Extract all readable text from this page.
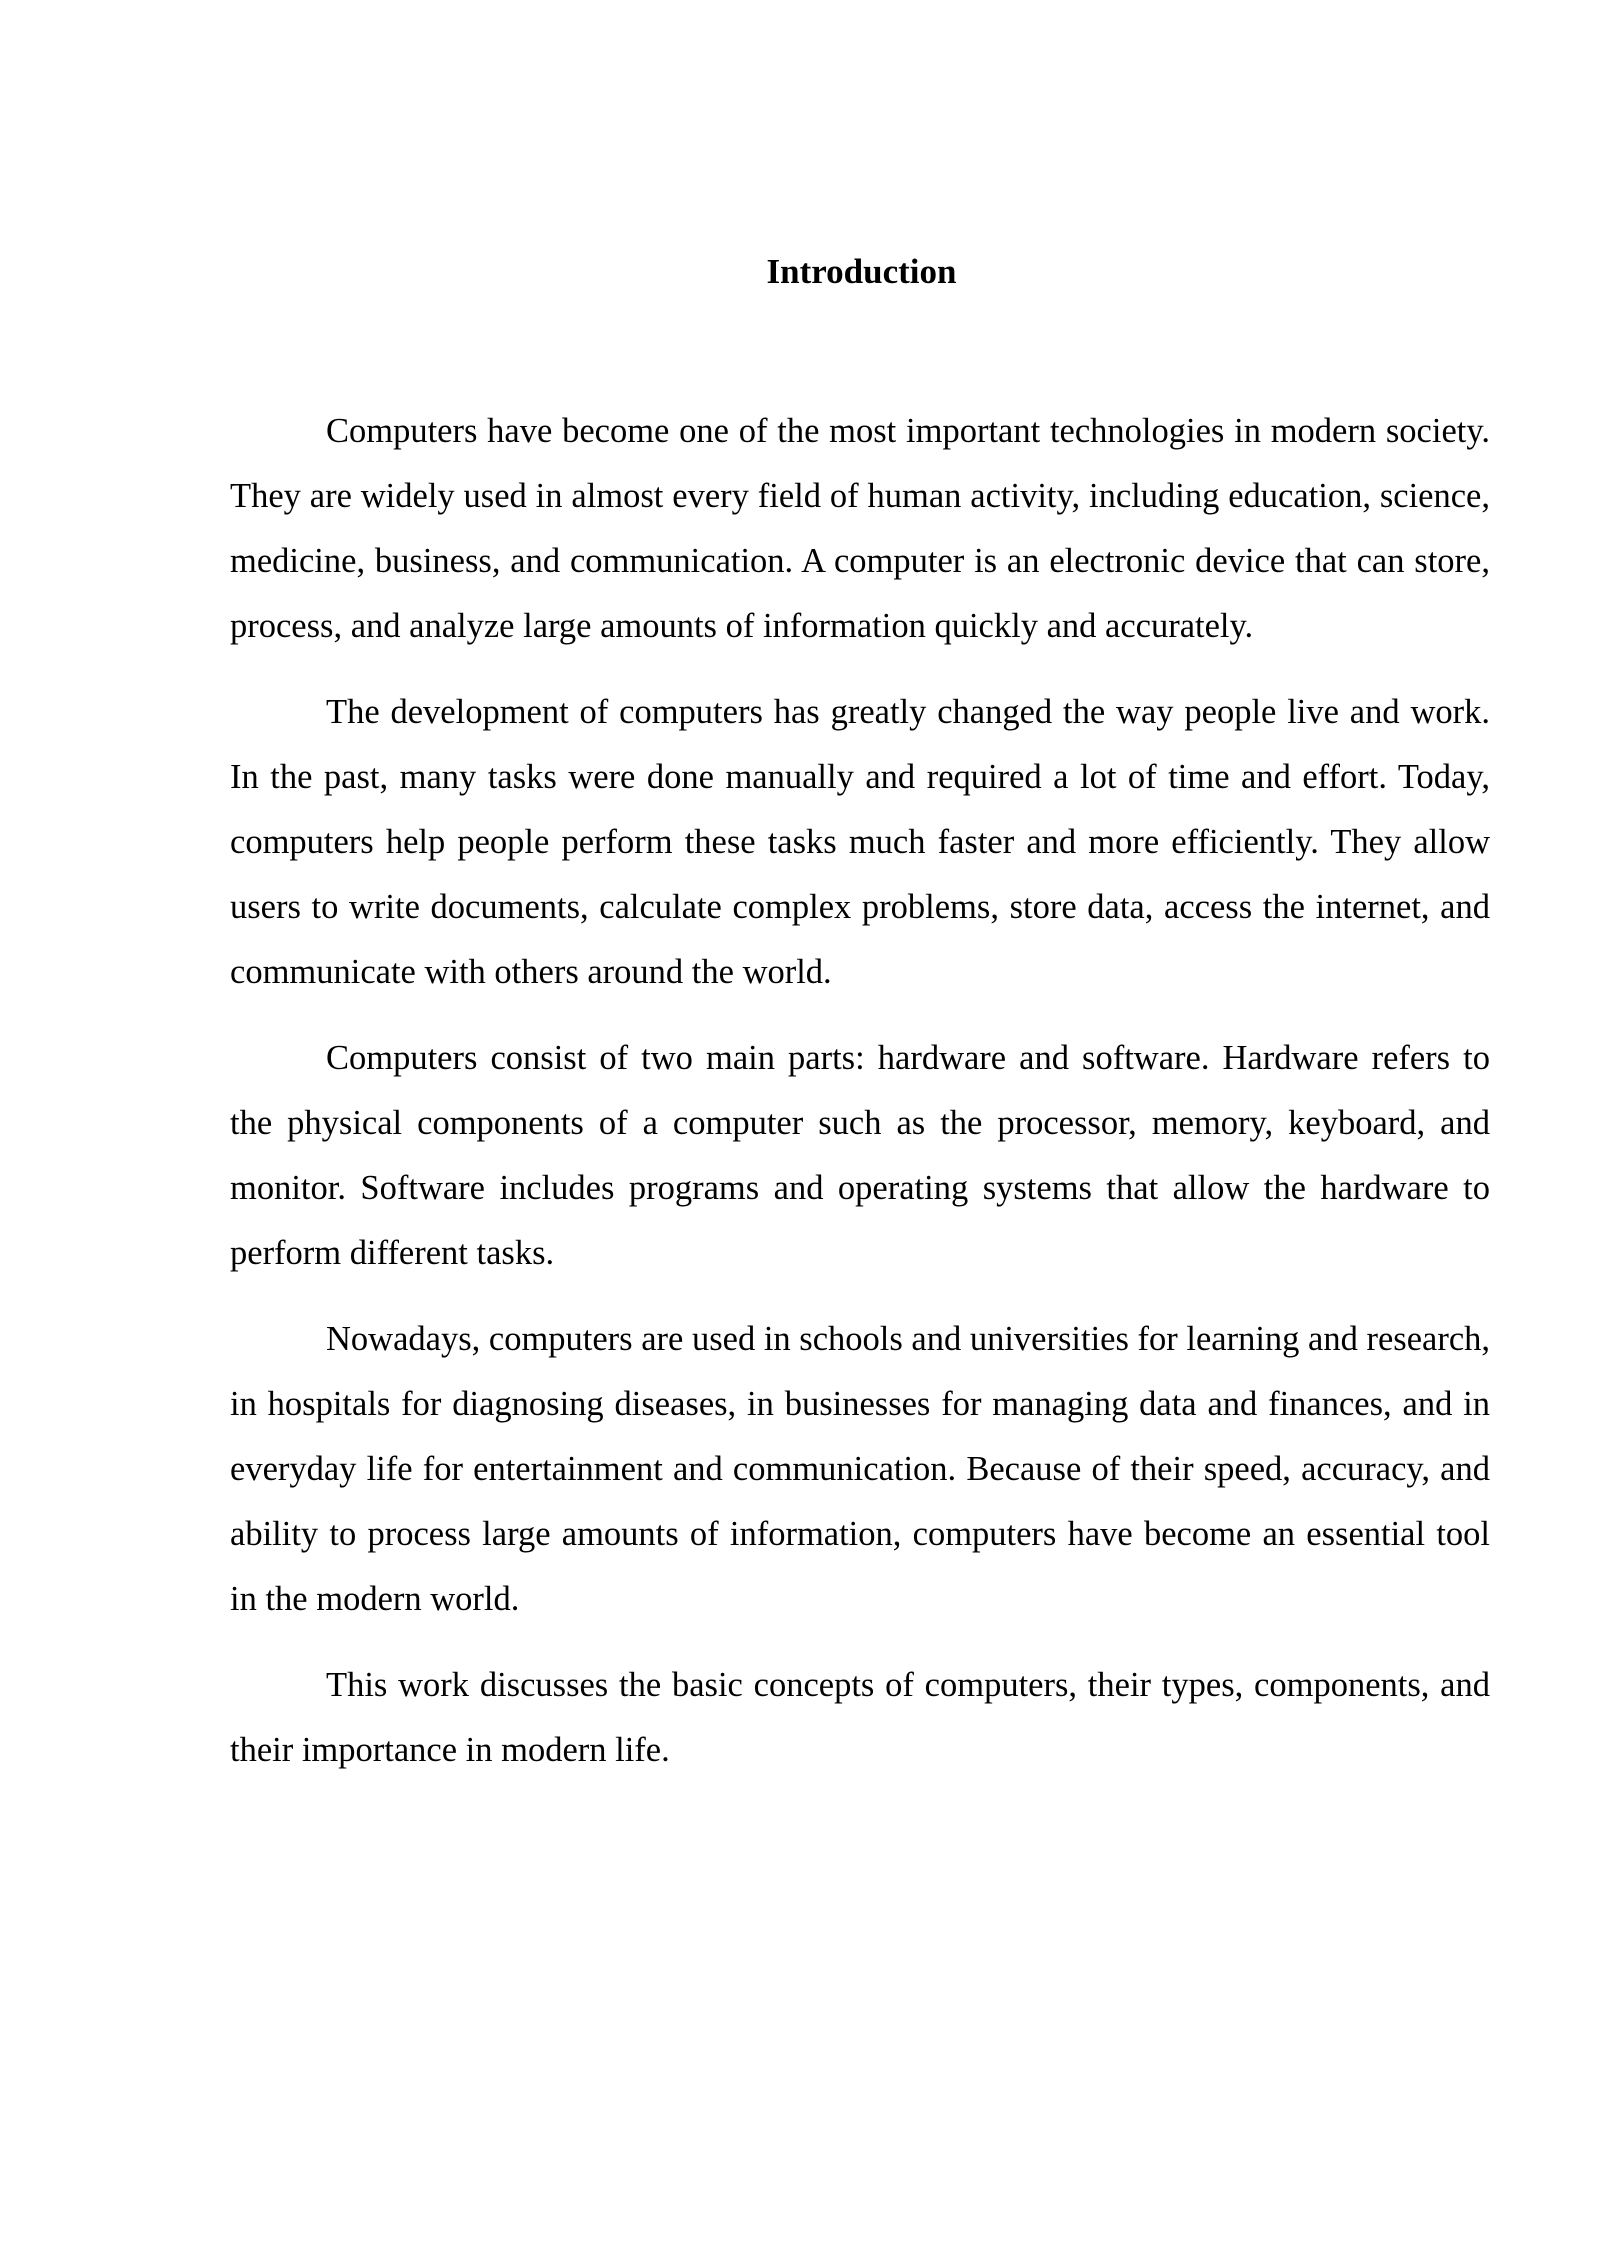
Introduction

Computers have become one of the most important technologies in modern society. They are widely used in almost every field of human activity, including education, science, medicine, business, and communication. A computer is an electronic device that can store, process, and analyze large amounts of information quickly and accurately.

The development of computers has greatly changed the way people live and work. In the past, many tasks were done manually and required a lot of time and effort. Today, computers help people perform these tasks much faster and more efficiently. They allow users to write documents, calculate complex problems, store data, access the internet, and communicate with others around the world.

Computers consist of two main parts: hardware and software. Hardware refers to the physical components of a computer such as the processor, memory, keyboard, and monitor. Software includes programs and operating systems that allow the hardware to perform different tasks.

Nowadays, computers are used in schools and universities for learning and research, in hospitals for diagnosing diseases, in businesses for managing data and finances, and in everyday life for entertainment and communication. Because of their speed, accuracy, and ability to process large amounts of information, computers have become an essential tool in the modern world.

This work discusses the basic concepts of computers, their types, components, and their importance in modern life.
